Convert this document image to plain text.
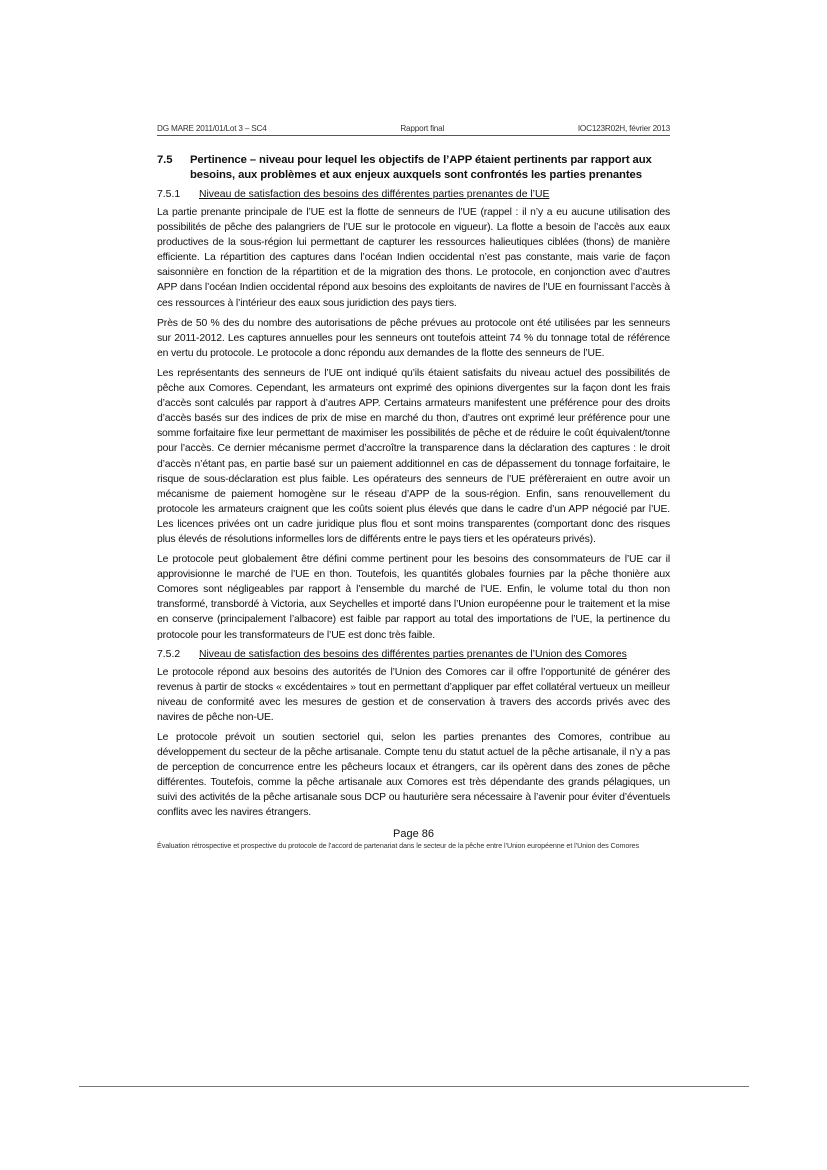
DG MARE 2011/01/Lot 3 – SC4	Rapport final	IOC123R02H, février 2013
7.5	Pertinence – niveau pour lequel les objectifs de l’APP étaient pertinents par rapport aux besoins, aux problèmes et aux enjeux auxquels sont confrontés les parties prenantes
7.5.1	Niveau de satisfaction des besoins des différentes parties prenantes de l’UE

La partie prenante principale de l’UE est la flotte de senneurs de l’UE (rappel : il n’y a eu aucune utilisation des possibilités de pêche des palangriers de l’UE sur le protocole en vigueur). La flotte a besoin de l’accès aux eaux productives de la sous-région lui permettant de capturer les ressources halieutiques ciblées (thons) de manière efficiente. La répartition des captures dans l’océan Indien occidental n’est pas constante, mais varie de façon saisonnière en fonction de la répartition et de la migration des thons. Le protocole, en conjonction avec d’autres APP dans l’océan Indien occidental répond aux besoins des exploitants de navires de l’UE en fournissant l’accès à ces ressources à l’intérieur des eaux sous juridiction des pays tiers.

Près de 50 % des du nombre des autorisations de pêche prévues au protocole ont été utilisées par les senneurs sur 2011-2012. Les captures annuelles pour les senneurs ont toutefois atteint 74 % du tonnage total de référence en vertu du protocole. Le protocole a donc répondu aux demandes de la flotte des senneurs de l’UE.

Les représentants des senneurs de l’UE ont indiqué qu’ils étaient satisfaits du niveau actuel des possibilités de pêche aux Comores. Cependant, les armateurs ont exprimé des opinions divergentes sur la façon dont les frais d’accès sont calculés par rapport à d’autres APP. Certains armateurs manifestent une préférence pour des droits d’accès basés sur des indices de prix de mise en marché du thon, d’autres ont exprimé leur préférence pour une somme forfaitaire fixe leur permettant de maximiser les possibilités de pêche et de réduire le coût équivalent/tonne pour l’accès. Ce dernier mécanisme permet d’accroître la transparence dans la déclaration des captures : le droit d’accès n’étant pas, en partie basé sur un paiement additionnel en cas de dépassement du tonnage forfaitaire, le risque de sous-déclaration est plus faible. Les opérateurs des senneurs de l’UE préfèreraient en outre avoir un mécanisme de paiement homogène sur le réseau d’APP de la sous-région. Enfin, sans renouvellement du protocole les armateurs craignent que les coûts soient plus élevés que dans le cadre d’un APP négocié par l’UE. Les licences privées ont un cadre juridique plus flou et sont moins transparentes (comportant donc des risques plus élevés de résolutions informelles lors de différents entre le pays tiers et les opérateurs privés).

Le protocole peut globalement être défini comme pertinent pour les besoins des consommateurs de l’UE car il approvisionne le marché de l’UE en thon. Toutefois, les quantités globales fournies par la pêche thonière aux Comores sont négligeables par rapport à l’ensemble du marché de l’UE. Enfin, le volume total du thon non transformé, transbordé à Victoria, aux Seychelles et importé dans l’Union européenne pour le traitement et la mise en conserve (principalement l’albacore) est faible par rapport au total des importations de l’UE, la pertinence du protocole pour les transformateurs de l’UE est donc très faible.

7.5.2	Niveau de satisfaction des besoins des différentes parties prenantes de l’Union des Comores

Le protocole répond aux besoins des autorités de l’Union des Comores car il offre l’opportunité de générer des revenus à partir de stocks « excédentaires » tout en permettant d’appliquer par effet collatéral vertueux un meilleur niveau de conformité avec les mesures de gestion et de conservation à travers des accords privés avec des navires de pêche non-UE.

Le protocole prévoit un soutien sectoriel qui, selon les parties prenantes des Comores, contribue au développement du secteur de la pêche artisanale. Compte tenu du statut actuel de la pêche artisanale, il n’y a pas de perception de concurrence entre les pêcheurs locaux et étrangers, car ils opèrent dans des zones de pêche différentes. Toutefois, comme la pêche artisanale aux Comores est très dépendante des grands pélagiques, un suivi des activités de la pêche artisanale sous DCP ou hauturière sera nécessaire à l’avenir pour éviter d’éventuels conflits avec les navires étrangers.

Page 86
Évaluation rétrospective et prospective du protocole de l’accord de partenariat dans le secteur de la pêche entre l’Union européenne et l’Union des Comores
